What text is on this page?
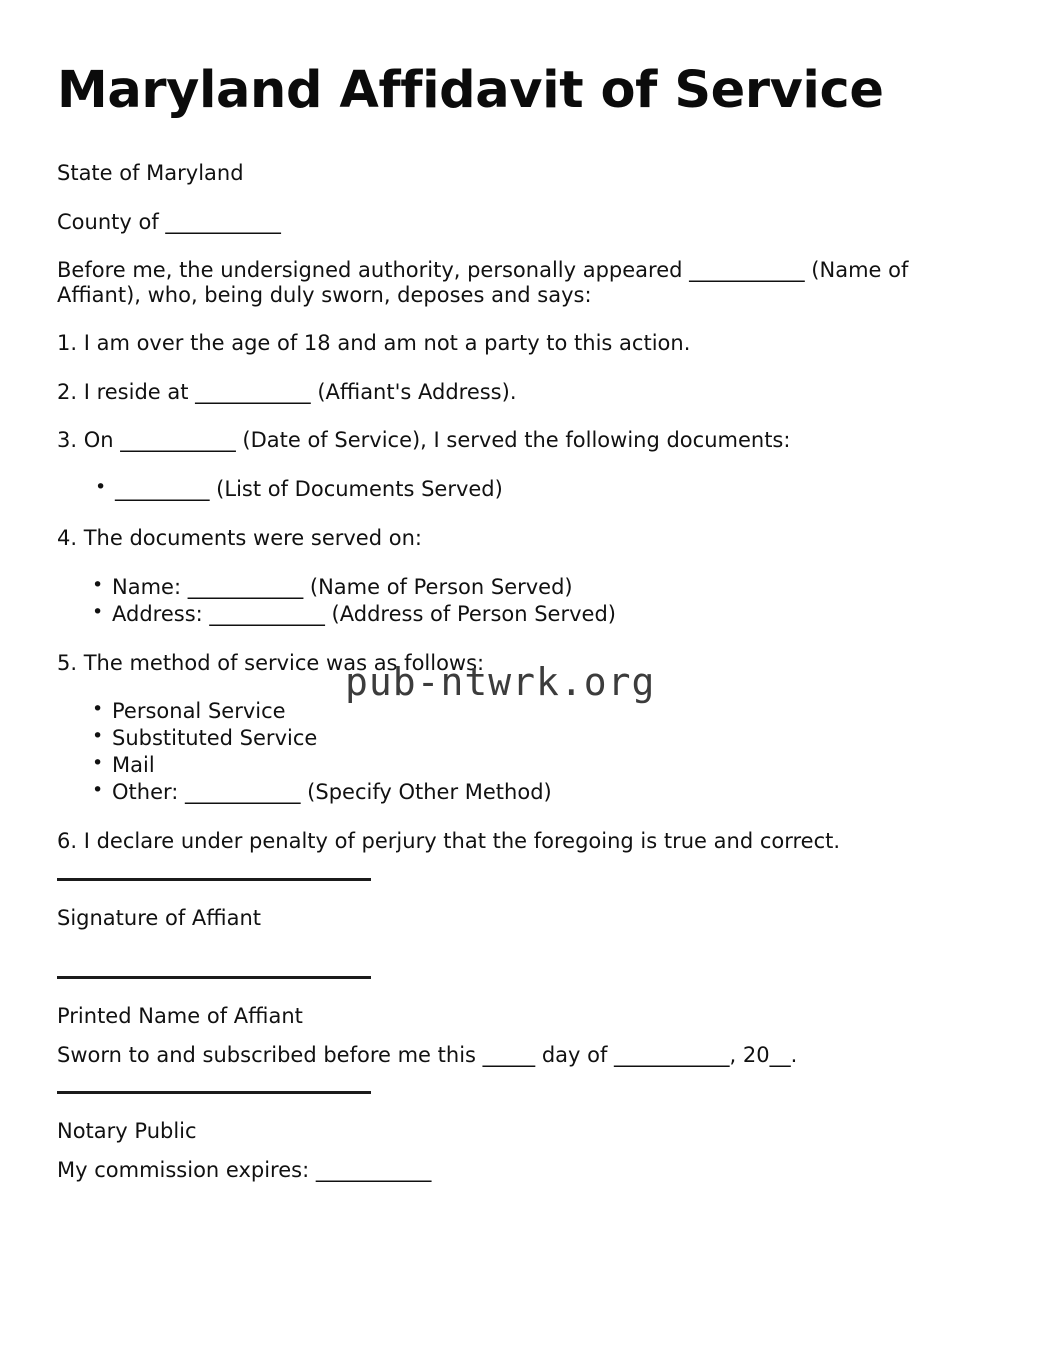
Maryland Affidavit of Service

State of Maryland

County of ___________

Before me, the undersigned authority, personally appeared ___________ (Name of Affiant), who, being duly sworn, deposes and says:

1. I am over the age of 18 and am not a party to this action.

2. I reside at ___________ (Affiant's Address).

3. On ___________ (Date of Service), I served the following documents:

• _________ (List of Documents Served)

4. The documents were served on:

• Name: ___________ (Name of Person Served)
• Address: ___________ (Address of Person Served)

5. The method of service was as follows:

• Personal Service
• Substituted Service
• Mail
• Other: ___________ (Specify Other Method)

6. I declare under penalty of perjury that the foregoing is true and correct.

Signature of Affiant
Printed Name of Affiant

Sworn to and subscribed before me this _____ day of ___________, 20__.

Notary Public

My commission expires: ___________

pub-ntwrk.org
